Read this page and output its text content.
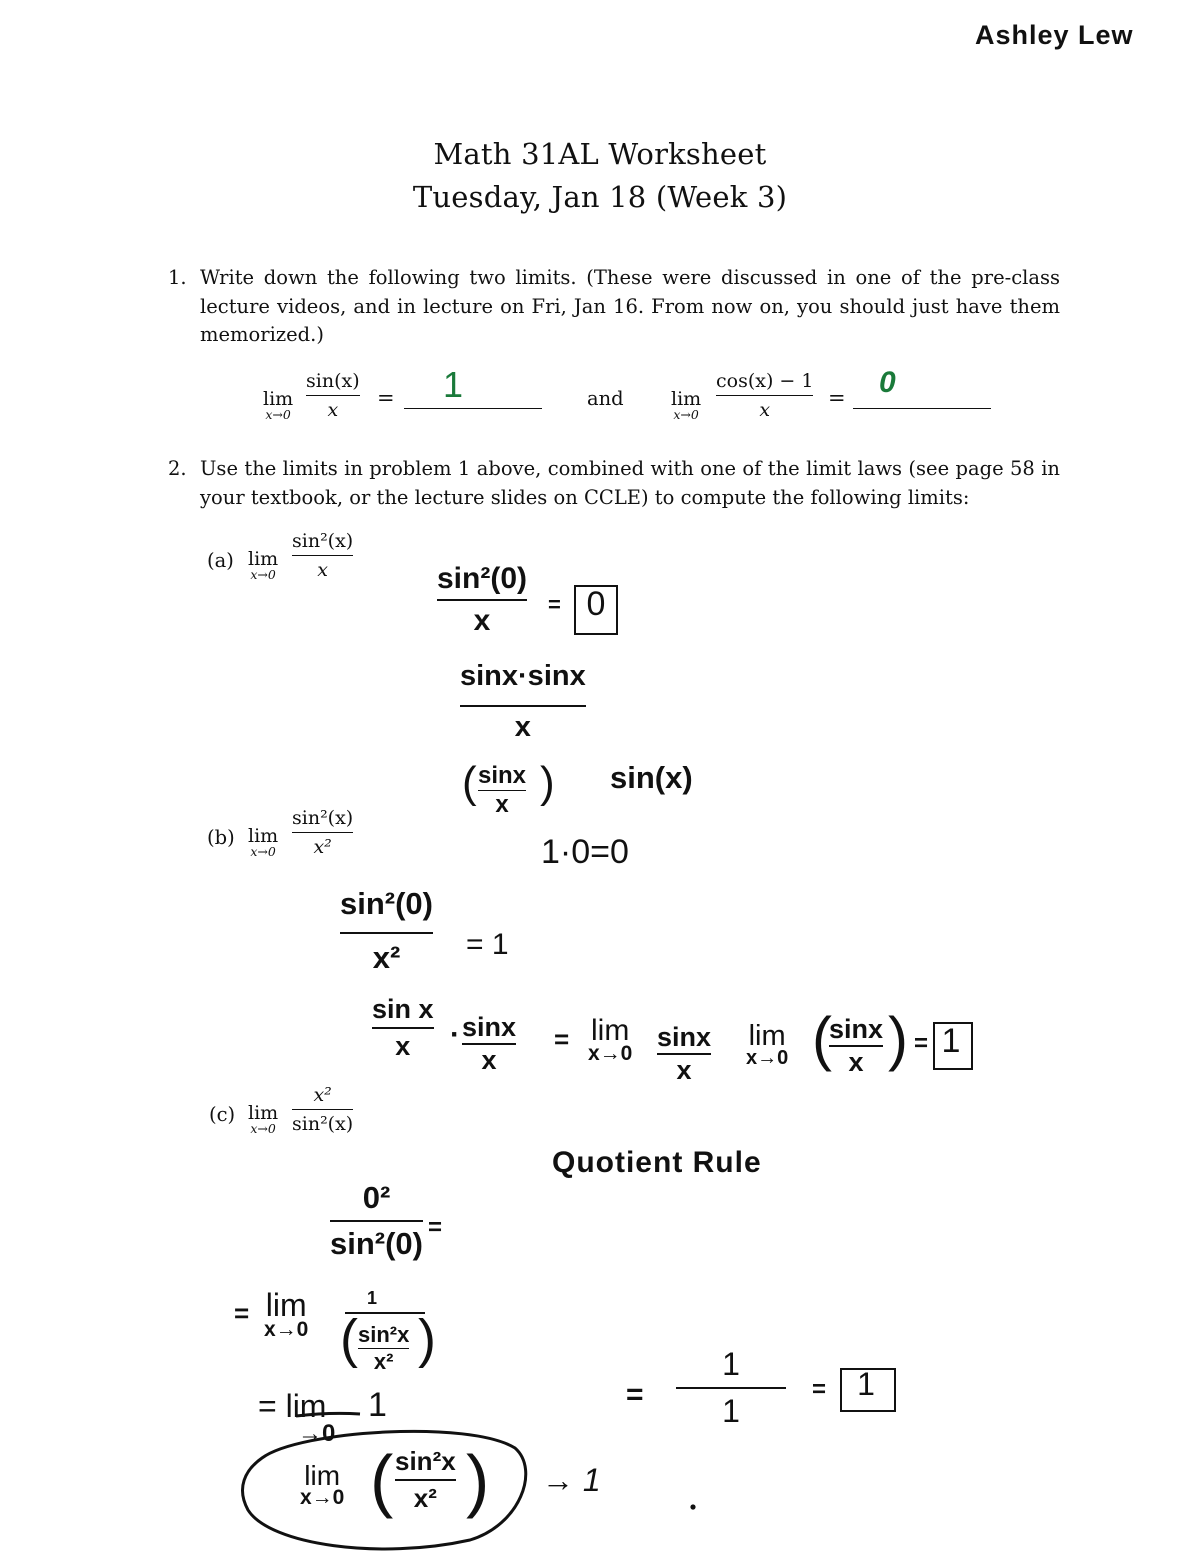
Ashley Lew
Math 31AL Worksheet
Tuesday, Jan 18 (Week 3)
1. Write down the following two limits. (These were discussed in one of the pre-class lecture videos, and in lecture on Fri, Jan 16. From now on, you should just have them memorized.)
lim
x→0
sin(x)
x	= 1	and lim
x→0
cos(x) − 1
x	= 0
2. Use the limits in problem 1 above, combined with one of the limit laws (see page 58 in your textbook, or the lecture slides on CCLE) to compute the following limits:
(a) lim
x→0
sin²(x)
x
(b) lim
x→0
sin²(x)
x²
(c) lim
x→0
x²
sin²(x)
sin²(0)
x	= 0
sinx·sinx
x
( sinx
x ) sin(x)
1·0=0
sin²(0)
x²	= 1
sin x
x	· sinx
x
= lim
x→0
sinx
x
lim
x→0 (
sinx
x ) = 1
Quotient Rule
0²
sin²(0) =
= lim
x→0
1
( sin²x
x² )
= lim
→0
1
lim
x→0 ( sin²x
x² ) → 1
=
1
1
= 1
